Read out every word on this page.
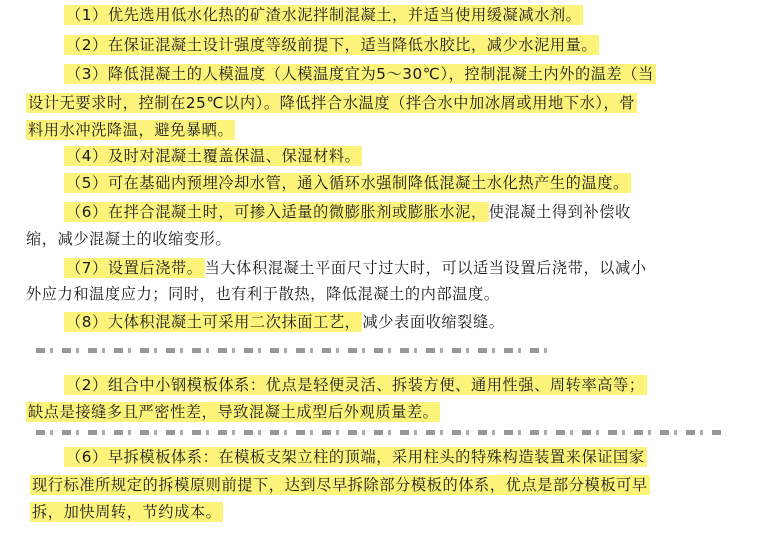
（1）优先选用低水化热的矿渣水泥拌制混凝土，并适当使用缓凝减水剂。
（2）在保证混凝土设计强度等级前提下，适当降低水胶比，减少水泥用量。
（3）降低混凝土的人模温度（人模温度宜为5～30℃），控制混凝土内外的温差（当
设计无要求时，控制在25℃以内）。降低拌合水温度（拌合水中加冰屑或用地下水），骨
料用水冲洗降温，避免暴晒。
（4）及时对混凝土覆盖保温、保湿材料。
（5）可在基础内预埋冷却水管，通入循环水强制降低混凝土水化热产生的温度。
（6）在拌合混凝土时，可掺入适量的微膨胀剂或膨胀水泥， 使混凝土得到补偿收
缩，减少混凝土的收缩变形。
（7）设置后浇带。 当大体积混凝土平面尺寸过大时，可以适当设置后浇带，以减小
外应力和温度应力；同时，也有利于散热，降低混凝土的内部温度。
（8）大体积混凝土可采用二次抹面工艺， 减少表面收缩裂缝。
（2）组合中小钢模板体系：优点是轻便灵活、拆装方便、通用性强、周转率高等；
缺点是接缝多且严密性差，导致混凝土成型后外观质量差。
（6）早拆模板体系：在模板支架立柱的顶端，采用柱头的特殊构造装置来保证国家
现行标准所规定的拆模原则前提下，达到尽早拆除部分模板的体系，优点是部分模板可早
拆，加快周转，节约成本。
